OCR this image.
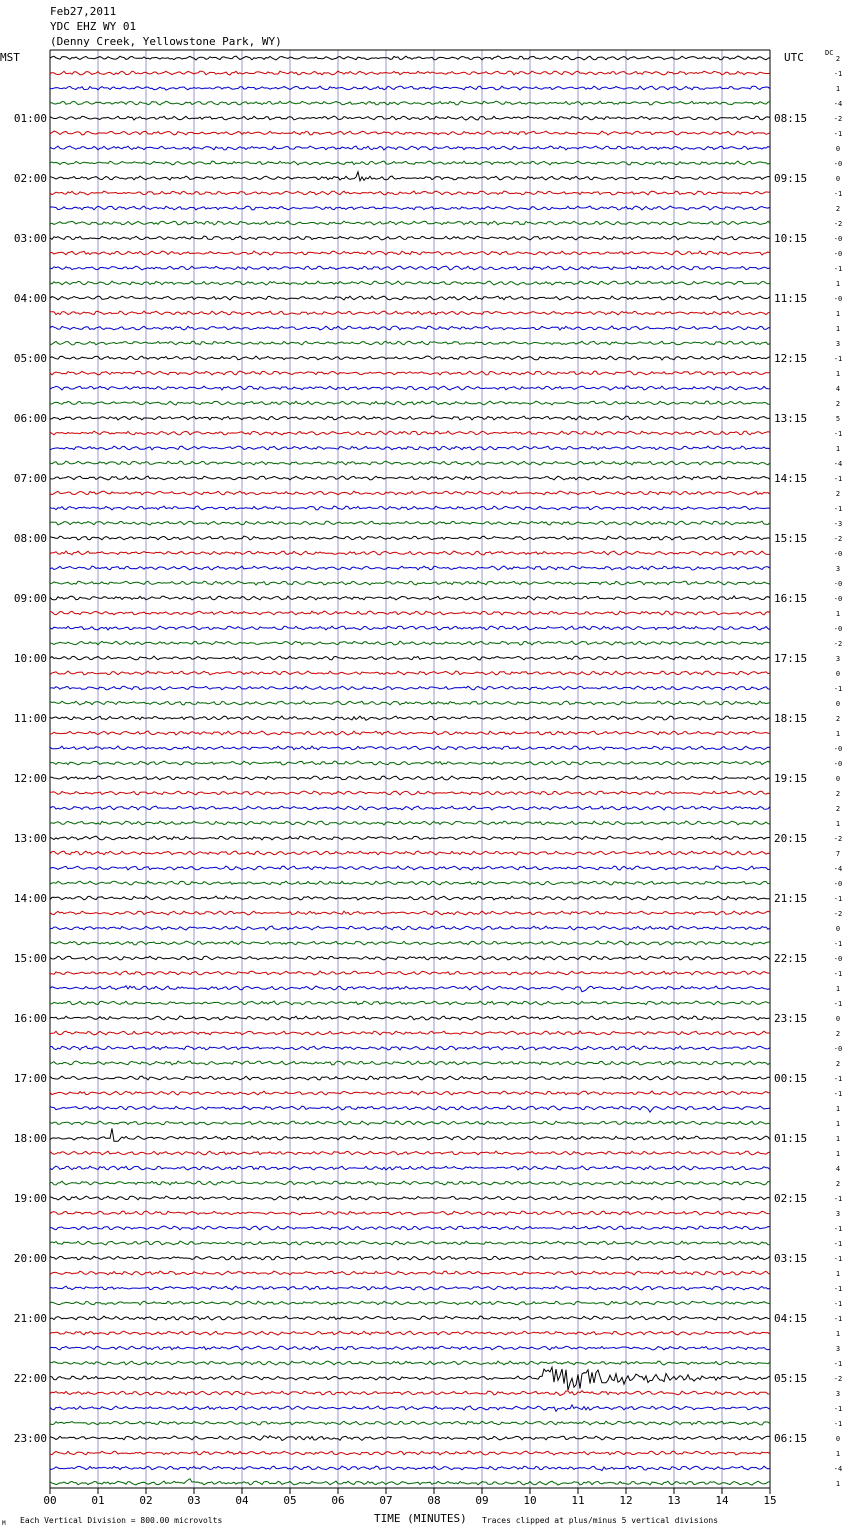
Feb27,2011
YDC EHZ WY 01
(Denny Creek, Yellowstone Park, WY)
MST	UTC	DC
00	01	02	03	04	05	06	07	08	09	10	11	12	13	14	15
2
-1
1
-4
-2
-1
0
-0
0
-1
2
-2
-0
-0
-1
1
-0
1
1
3
-1
1
4
2
5
-1
1
-4
-1
2
-1
-3
-2
-0
3
-0
-0
1
-0
-2
3
0
-1
0
2
1
-0
-0
0
2
2
1
-2
7
-4
-0
-1
-2
0
-1
-0
-1
1
-1
0
2
-0
2
-1
-1
1
1
1
1
4
2
-1
3
-1
-1
-1
1
-1
-1
-1
1
3
-1
-2
3
-1
-1
0
1
-4
1
01:00
02:00
03:00
04:00
05:00
06:00
07:00
08:00
09:00
10:00
11:00
12:00
13:00
14:00
15:00
16:00
17:00
18:00
19:00
20:00
21:00
22:00
23:00
08:15
09:15
10:15
11:15
12:15
13:15
14:15
15:15
16:15
17:15
18:15
19:15
20:15
21:15
22:15
23:15
00:15
01:15
02:15
03:15
04:15
05:15
06:15
M Each Vertical Division = 800.00 microvolts	TIME (MINUTES) Traces clipped at plus/minus 5 vertical divisions
